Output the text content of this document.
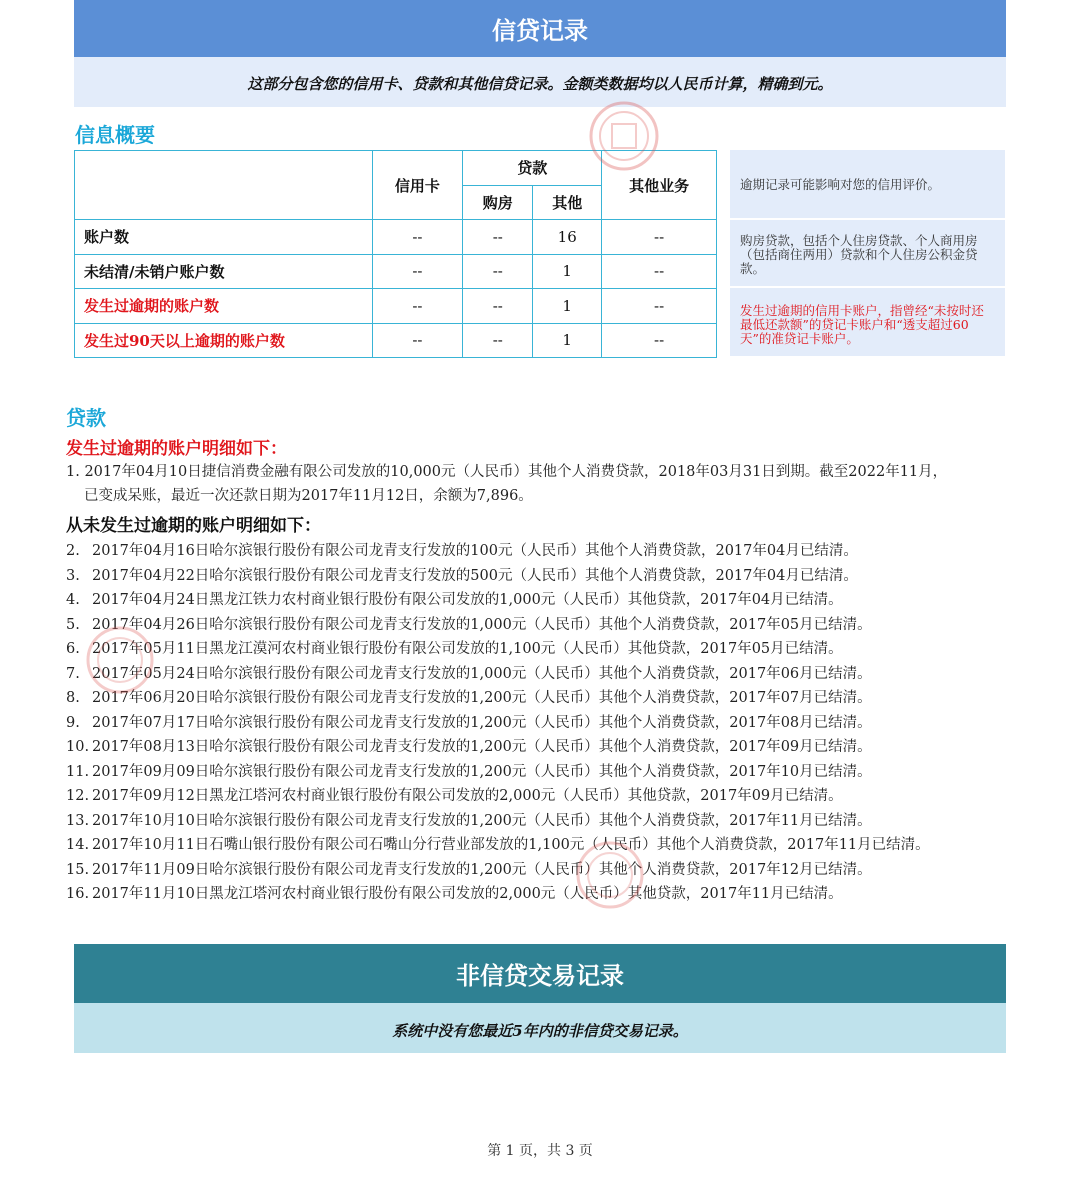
信贷记录
这部分包含您的信用卡、贷款和其他信贷记录。金额类数据均以人民币计算，精确到元。
信息概要
	信用卡	贷款		其他业务
		购房	其他	
账户数	--	--	16	--
未结清/未销户账户数	--	--	1	--
发生过逾期的账户数	--	--	1	--
发生过90天以上逾期的账户数	--	--	1	--
逾期记录可能影响对您的信用评价。
购房贷款，包括个人住房贷款、个人商用房（包括商住两用）贷款和个人住房公积金贷款。
发生过逾期的信用卡账户，指曾经“未按时还最低还款额”的贷记卡账户和“透支超过60天”的准贷记卡账户。
贷款
发生过逾期的账户明细如下：
1. 2017年04月10日捷信消费金融有限公司发放的10,000元（人民币）其他个人消费贷款，2018年03月31日到期。截至2022年11月，
已变成呆账，最近一次还款日期为2017年11月12日，余额为7,896。
从未发生过逾期的账户明细如下：
2. 2017年04月16日哈尔滨银行股份有限公司龙青支行发放的100元（人民币）其他个人消费贷款，2017年04月已结清。
3. 2017年04月22日哈尔滨银行股份有限公司龙青支行发放的500元（人民币）其他个人消费贷款，2017年04月已结清。
4. 2017年04月24日黑龙江铁力农村商业银行股份有限公司发放的1,000元（人民币）其他贷款，2017年04月已结清。
5. 2017年04月26日哈尔滨银行股份有限公司龙青支行发放的1,000元（人民币）其他个人消费贷款，2017年05月已结清。
6. 2017年05月11日黑龙江漠河农村商业银行股份有限公司发放的1,100元（人民币）其他贷款，2017年05月已结清。
7. 2017年05月24日哈尔滨银行股份有限公司龙青支行发放的1,000元（人民币）其他个人消费贷款，2017年06月已结清。
8. 2017年06月20日哈尔滨银行股份有限公司龙青支行发放的1,200元（人民币）其他个人消费贷款，2017年07月已结清。
9. 2017年07月17日哈尔滨银行股份有限公司龙青支行发放的1,200元（人民币）其他个人消费贷款，2017年08月已结清。
10. 2017年08月13日哈尔滨银行股份有限公司龙青支行发放的1,200元（人民币）其他个人消费贷款，2017年09月已结清。
11. 2017年09月09日哈尔滨银行股份有限公司龙青支行发放的1,200元（人民币）其他个人消费贷款，2017年10月已结清。
12. 2017年09月12日黑龙江塔河农村商业银行股份有限公司发放的2,000元（人民币）其他贷款，2017年09月已结清。
13. 2017年10月10日哈尔滨银行股份有限公司龙青支行发放的1,200元（人民币）其他个人消费贷款，2017年11月已结清。
14. 2017年10月11日石嘴山银行股份有限公司石嘴山分行营业部发放的1,100元（人民币）其他个人消费贷款，2017年11月已结清。
15. 2017年11月09日哈尔滨银行股份有限公司龙青支行发放的1,200元（人民币）其他个人消费贷款，2017年12月已结清。
16. 2017年11月10日黑龙江塔河农村商业银行股份有限公司发放的2,000元（人民币）其他贷款，2017年11月已结清。
非信贷交易记录
系统中没有您最近5年内的非信贷交易记录。
第 1 页，共 3 页
